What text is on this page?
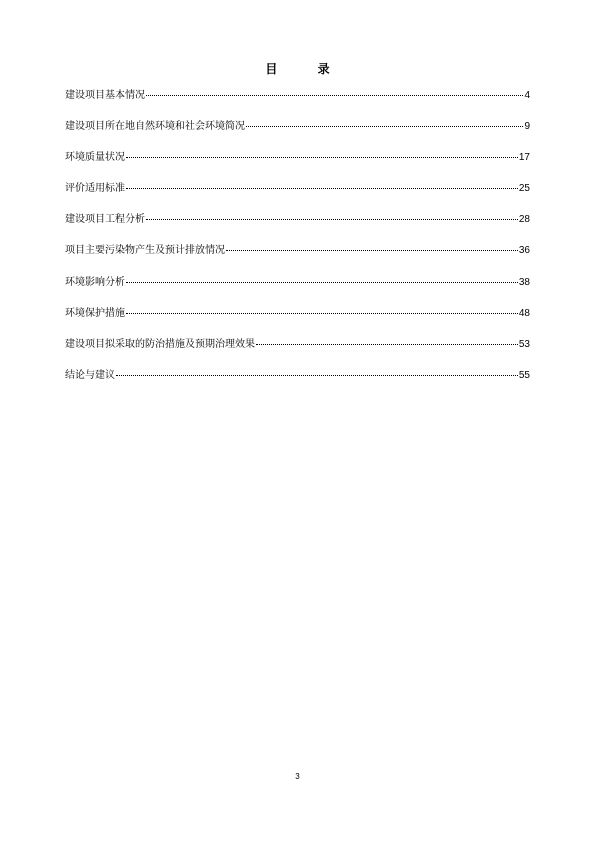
目 录
建设项目基本情况	4
建设项目所在地自然环境和社会环境简况	9
环境质量状况	17
评价适用标准	25
建设项目工程分析	28
项目主要污染物产生及预计排放情况	36
环境影响分析	38
环境保护措施	48
建设项目拟采取的防治措施及预期治理效果	53
结论与建议	55
3
